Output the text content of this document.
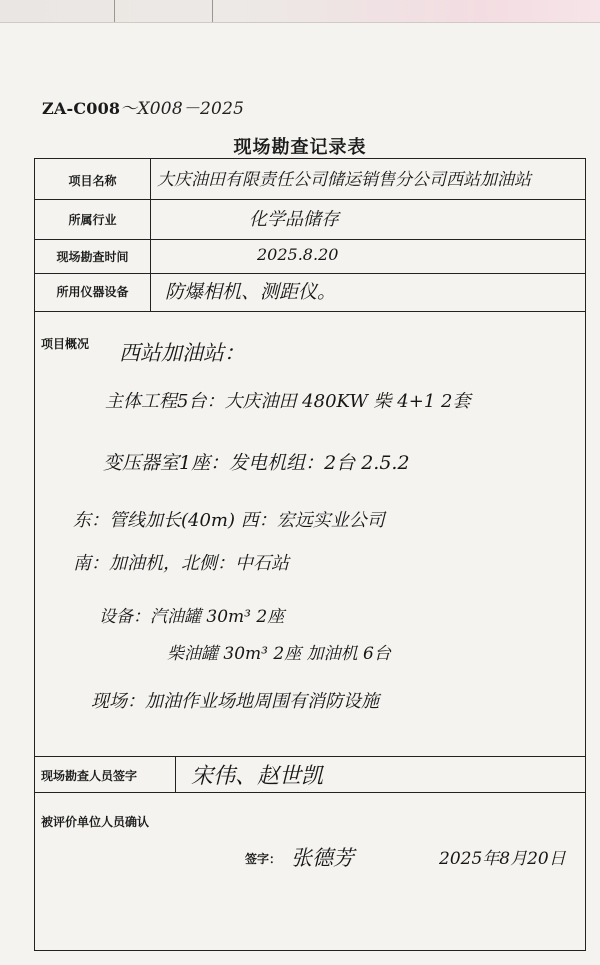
ZA-C008～X008－2025
现场勘查记录表
项目名称	大庆油田有限责任公司储运销售分公司西站加油站
所属行业	化学品储存
现场勘查时间	2025.8.20
所用仪器设备	防爆相机、测距仪。
项目概况 西站加油站：
主体工程5台：大庆油田 480KW 柴 4+1 2套
变压器室1座：发电机组：2台 2.5.2
东：管线加长(40m) 西：宏远实业公司
南：加油机，北侧：中石站
设备：汽油罐 30m³ 2座
柴油罐 30m³ 2座 加油机 6台
现场：加油作业场地周围有消防设施
现场勘查人员签字 宋伟、赵世凯
被评价单位人员确认
签字： 张德芳	2025年8月20日
